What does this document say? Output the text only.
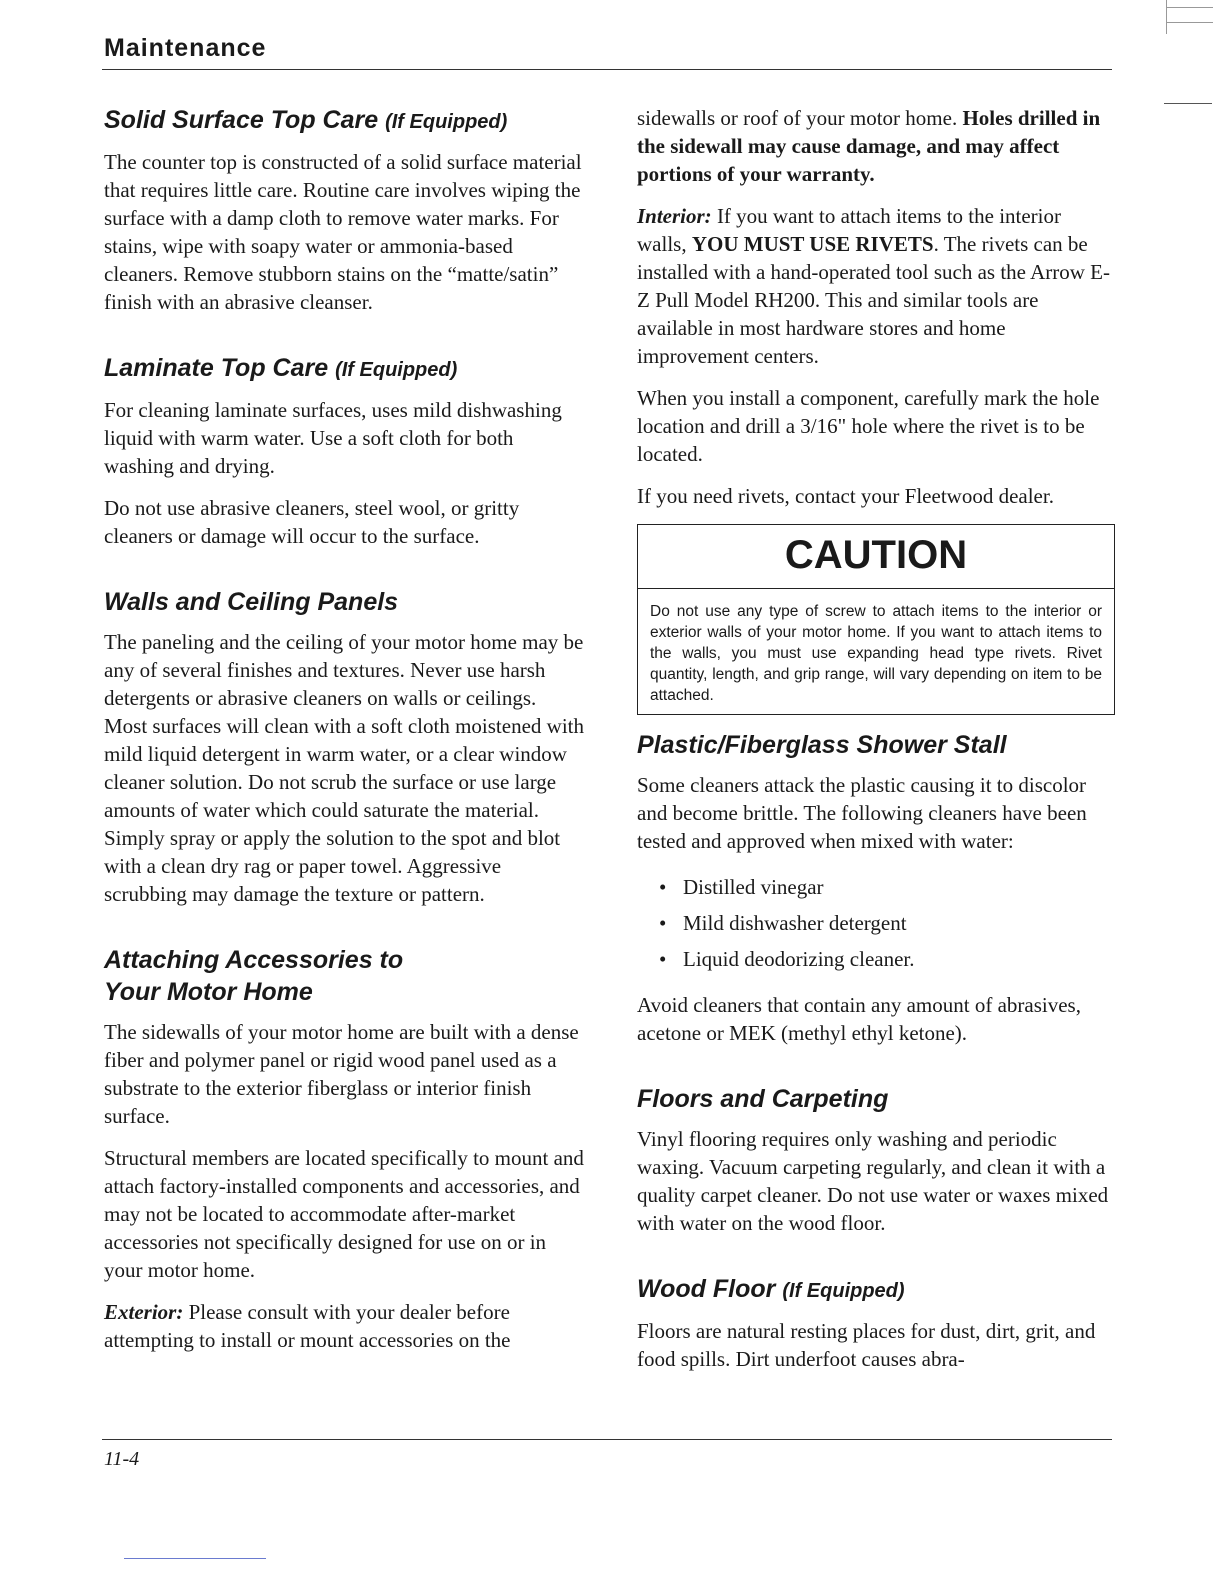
Maintenance
Solid Surface Top Care (If Equipped)

The counter top is constructed of a solid surface material that requires little care. Routine care involves wiping the surface with a damp cloth to remove water marks. For stains, wipe with soapy water or ammonia-based cleaners. Remove stubborn stains on the “matte/satin” finish with an abrasive cleanser.

Laminate Top Care (If Equipped)

For cleaning laminate surfaces, uses mild dishwashing liquid with warm water. Use a soft cloth for both washing and drying.

Do not use abrasive cleaners, steel wool, or gritty cleaners or damage will occur to the surface.

Walls and Ceiling Panels

The paneling and the ceiling of your motor home may be any of several finishes and textures. Never use harsh detergents or abrasive cleaners on walls or ceilings. Most surfaces will clean with a soft cloth moistened with mild liquid detergent in warm water, or a clear window cleaner solution. Do not scrub the surface or use large amounts of water which could saturate the material. Simply spray or apply the solution to the spot and blot with a clean dry rag or paper towel. Aggressive scrubbing may damage the texture or pattern.

Attaching Accessories to
Your Motor Home

The sidewalls of your motor home are built with a dense fiber and polymer panel or rigid wood panel used as a substrate to the exterior fiberglass or interior finish surface.

Structural members are located specifically to mount and attach factory-installed components and accessories, and may not be located to accommodate after-market accessories not specifically designed for use on or in your motor home.

Exterior: Please consult with your dealer before attempting to install or mount accessories on the

sidewalls or roof of your motor home. Holes drilled in the sidewall may cause damage, and may affect portions of your warranty.

Interior: If you want to attach items to the interior walls, YOU MUST USE RIVETS. The rivets can be installed with a hand-operated tool such as the Arrow E-Z Pull Model RH200. This and similar tools are available in most hardware stores and home improvement centers.

When you install a component, carefully mark the hole location and drill a 3/16" hole where the rivet is to be located.

If you need rivets, contact your Fleetwood dealer.

CAUTION
Do not use any type of screw to attach items to the interior or exterior walls of your motor home. If you want to attach items to the walls, you must use expanding head type rivets. Rivet quantity, length, and grip range, will vary depending on item to be attached.
Plastic/Fiberglass Shower Stall

Some cleaners attack the plastic causing it to discolor and become brittle. The following cleaners have been tested and approved when mixed with water:

• Distilled vinegar
• Mild dishwasher detergent
• Liquid deodorizing cleaner.

Avoid cleaners that contain any amount of abrasives, acetone or MEK (methyl ethyl ketone).

Floors and Carpeting

Vinyl flooring requires only washing and periodic waxing. Vacuum carpeting regularly, and clean it with a quality carpet cleaner. Do not use water or waxes mixed with water on the wood floor.

Wood Floor (If Equipped)

Floors are natural resting places for dust, dirt, grit, and food spills. Dirt underfoot causes abra-

11-4
